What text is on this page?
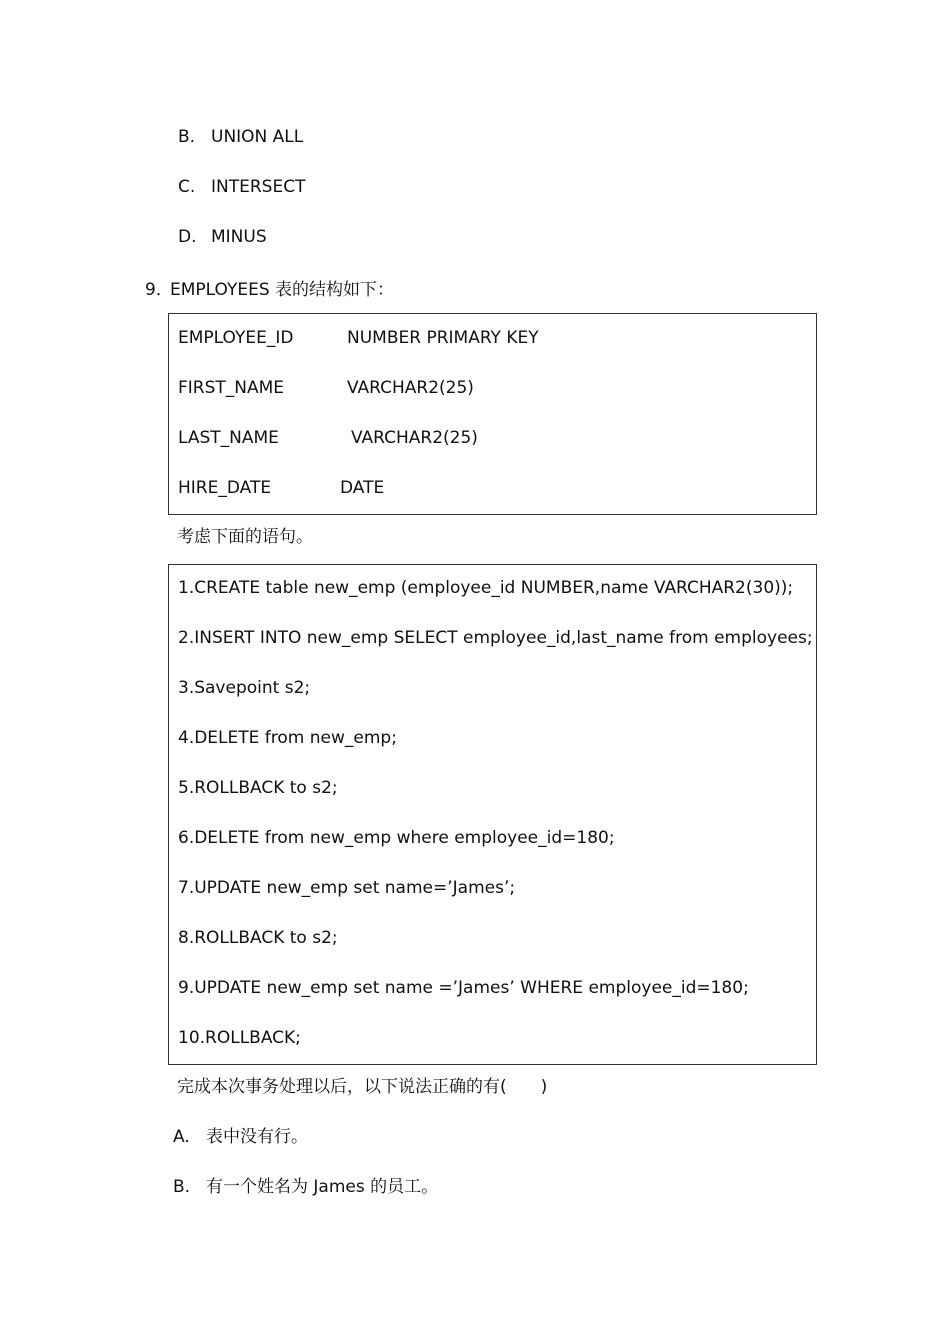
B. UNION ALL
C. INTERSECT
D. MINUS
9．
EMPLOYEES 表的结构如下：
EMPLOYEE_ID	NUMBER PRIMARY KEY
FIRST_NAME	VARCHAR2(25)
LAST_NAME	VARCHAR2(25)
HIRE_DATE	DATE
考虑下面的语句。
1.CREATE table new_emp (employee_id NUMBER,name VARCHAR2(30));
2.INSERT INTO new_emp SELECT employee_id,last_name from employees;
3.Savepoint s2;
4.DELETE from new_emp;
5.ROLLBACK to s2;
6.DELETE from new_emp where employee_id=180;
7.UPDATE new_emp set name=’James’;
8.ROLLBACK to s2;
9.UPDATE new_emp set name =’James’ WHERE employee_id=180;
10.ROLLBACK;
完成本次事务处理以后，以下说法正确的有(　　)
A. 表中没有行。
B. 有一个姓名为 James 的员工。
